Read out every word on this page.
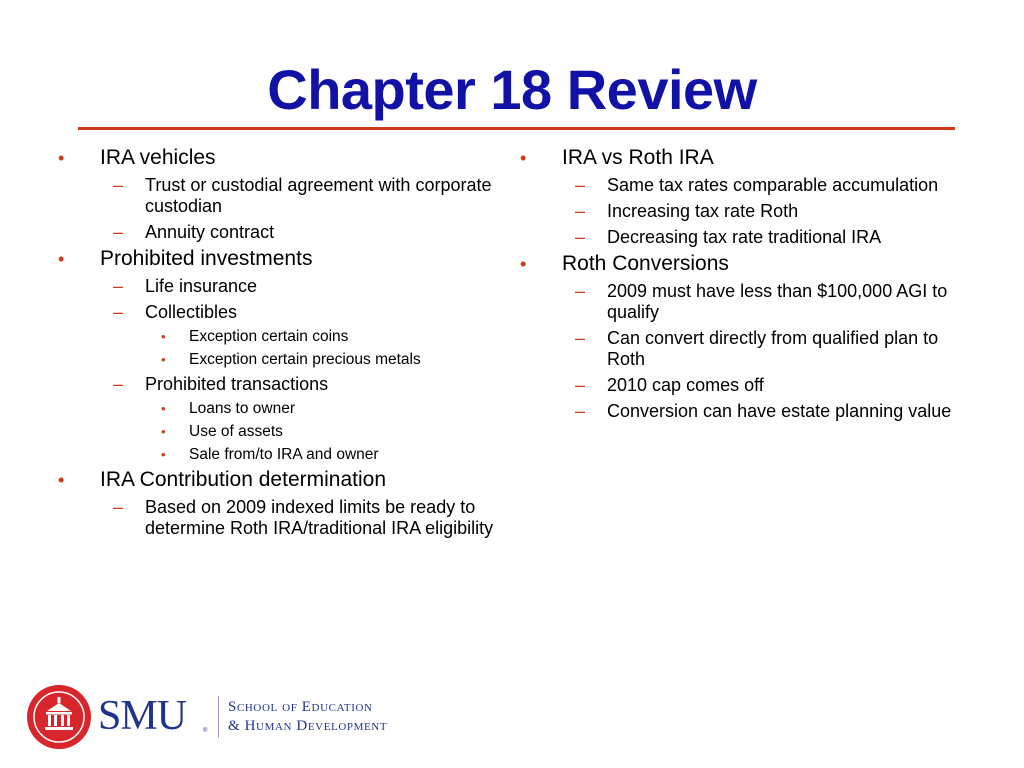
Chapter 18 Review
•	IRA vehicles
– Trust or custodial agreement with corporate custodian
– Annuity contract
•	Prohibited investments
– Life insurance
– Collectibles
• Exception certain coins
• Exception certain precious metals
– Prohibited transactions
• Loans to owner
• Use of assets
• Sale from/to IRA and owner
•	IRA Contribution determination
– Based on 2009 indexed limits be ready to determine Roth IRA/traditional IRA eligibility
•	IRA vs Roth IRA
– Same tax rates comparable accumulation
– Increasing tax rate Roth
– Decreasing tax rate traditional IRA
•	Roth Conversions
– 2009 must have less than $100,000 AGI to qualify
– Can convert directly from qualified plan to Roth
– 2010 cap comes off
– Conversion can have estate planning value
SMU	®
School of Education
& Human Development
